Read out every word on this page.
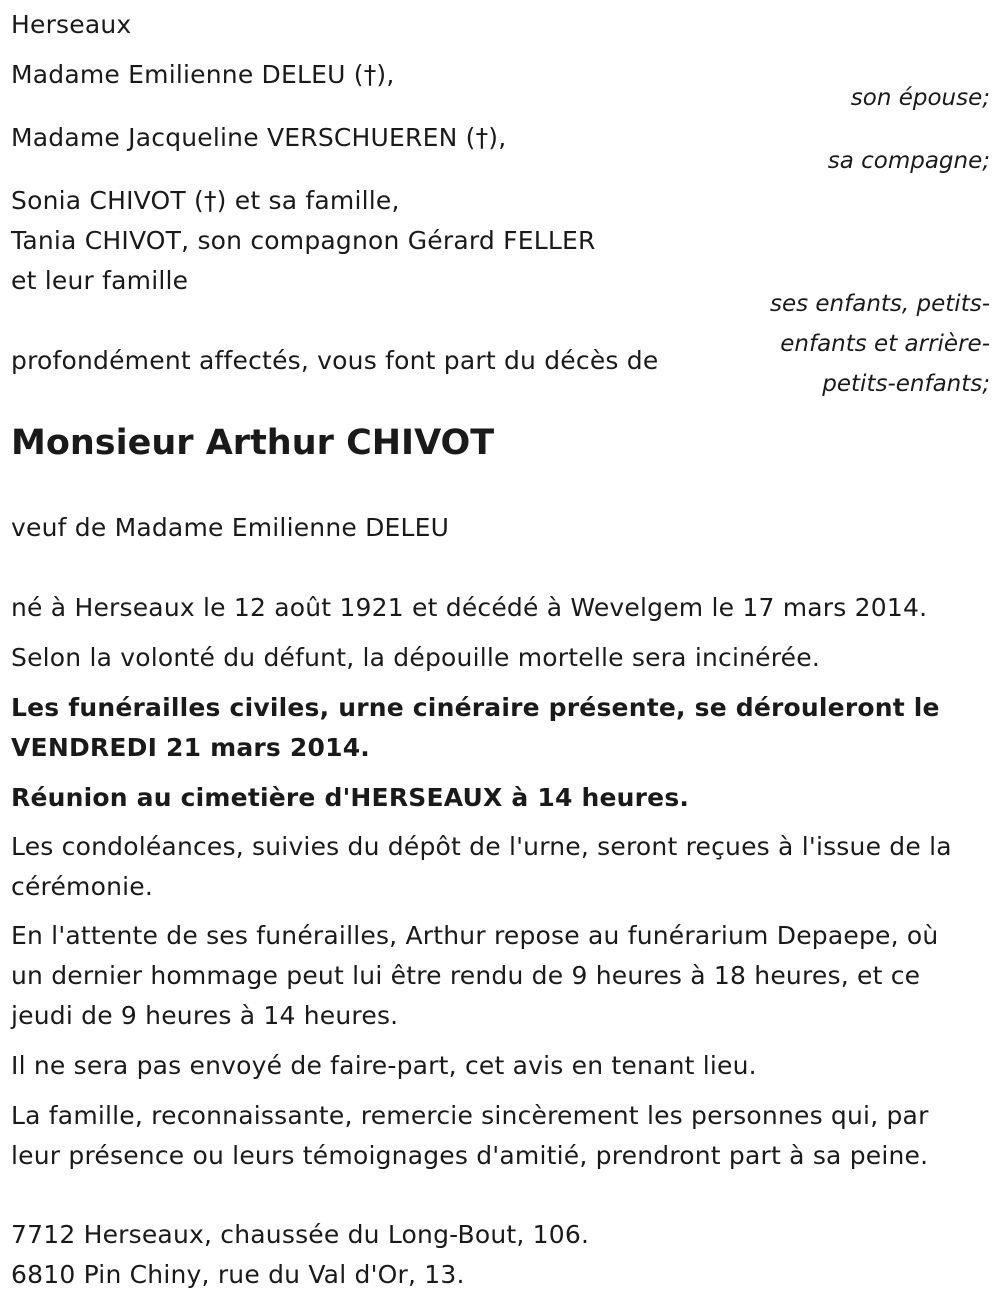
Herseaux
Madame Emilienne DELEU (†),
son épouse;
Madame Jacqueline VERSCHUEREN (†),
sa compagne;
Sonia CHIVOT (†) et sa famille,
Tania CHIVOT, son compagnon Gérard FELLER
et leur famille
ses enfants, petits-
enfants et arrière-
petits-enfants;
profondément affectés, vous font part du décès de
Monsieur Arthur CHIVOT
veuf de Madame Emilienne DELEU
né à Herseaux le 12 août 1921 et décédé à Wevelgem le 17 mars 2014.
Selon la volonté du défunt, la dépouille mortelle sera incinérée.
Les funérailles civiles, urne cinéraire présente, se dérouleront le
VENDREDI 21 mars 2014.
Réunion au cimetière d'HERSEAUX à 14 heures.
Les condoléances, suivies du dépôt de l'urne, seront reçues à l'issue de la
cérémonie.
En l'attente de ses funérailles, Arthur repose au funérarium Depaepe, où
un dernier hommage peut lui être rendu de 9 heures à 18 heures, et ce
jeudi de 9 heures à 14 heures.
Il ne sera pas envoyé de faire-part, cet avis en tenant lieu.
La famille, reconnaissante, remercie sincèrement les personnes qui, par
leur présence ou leurs témoignages d'amitié, prendront part à sa peine.
7712 Herseaux, chaussée du Long-Bout, 106.
6810 Pin Chiny, rue du Val d'Or, 13.
